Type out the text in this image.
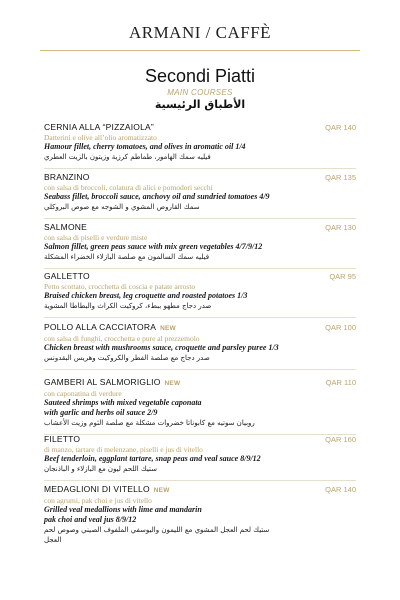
ARMANI / CAFFÈ
Secondi Piatti
MAIN COURSES
الأطباق الرئيسية
CERNIA ALLA “PIZZAIOLA”	QAR 140
Datterini e olive all’olio aromatizzato
Hamour fillet, cherry tomatoes, and olives in aromatic oil 1/4
فيليه سمك الهامور، طماطم كرزية وزيتون بالزيت العطري
BRANZINO	QAR 135
con salsa di broccoli, colatura di alici e pomodori secchi
Seabass fillet, broccoli sauce, anchovy oil and sundried tomatoes 4/9
سمك القاروص المشوي و الشوجه مع صوص البروكلي
SALMONE	QAR 130
con salsa di piselli e verdure miste
Salmon fillet, green peas sauce with mix green vegetables 4/7/9/12
فيليه سمك السالمون مع صلصة البازلاء الخضراء المشكلة
GALLETTO	QAR 95
Petto scottato, crocchetta di coscia e patate arrosto
Braised chicken breast, leg croquette and roasted potatoes 1/3
صدر دجاج مطهو ببطء، كروكيت الكراث والبطاطا المشوية
POLLO ALLA CACCIATORA NEW	QAR 100
con salsa di funghi, crocchetta e pure al prezzemolo
Chicken breast with mushrooms sauce, croquette and parsley puree 1/3
صدر دجاج مع صلصة الفطر والكروكيت وهريس البقدونس
GAMBERI AL SALMORIGLIO NEW	QAR 110
con caponatina di verdure
Sauteed shrimps with mixed vegetable caponata
with garlic and herbs oil sauce 2/9
روبيان سوتيه مع كابوناتا خضروات مشكلة مع صلصة الثوم وزيت الأعشاب
FILETTO	QAR 160
di manzo, tartare di melenzane, piselli e jus di vitello
Beef tenderloin, eggplant tartare, snap peas and veal sauce 8/9/12
ستيك اللحم ليون مع البازلاء و الباذنجان
MEDAGLIONI DI VITELLO NEW	QAR 140
con agrumi, pak choi e jus di vitello
Grilled veal medallions with lime and mandarin
pak choi and veal jus 8/9/12
ستيك لحم العجل المشوي مع الليمون واليوسفي الملفوف الصيني وصوص لحم
العجل
